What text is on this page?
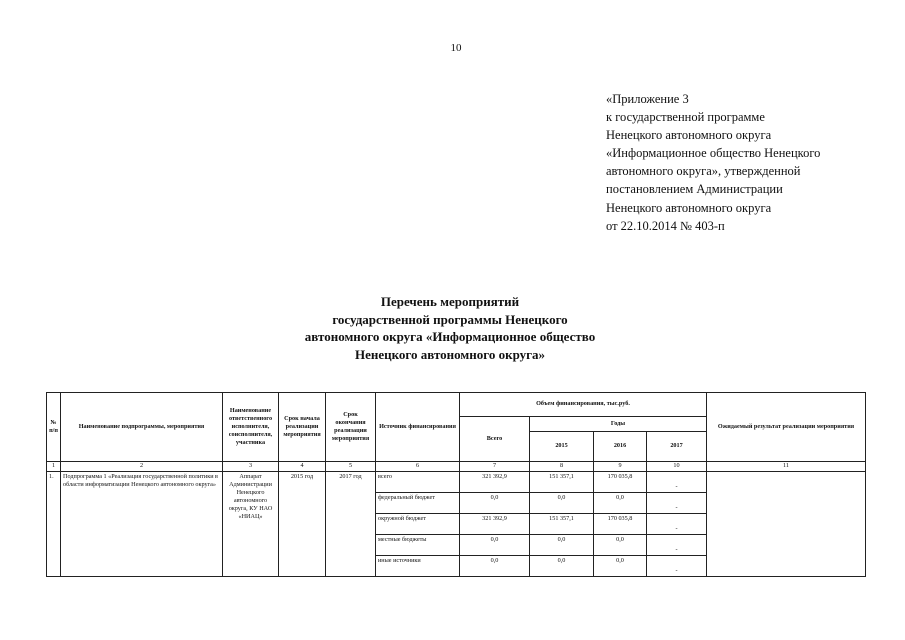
10
«Приложение 3
к государственной программе
Ненецкого автономного округа
«Информационное общество Ненецкого
автономного округа», утвержденной
постановлением Администрации
Ненецкого автономного округа
от 22.10.2014 № 403-п
Перечень мероприятий
государственной программы Ненецкого
автономного округа «Информационное общество
Ненецкого автономного округа»
№ п/п	Наименование подпрограммы, мероприятия	Наименование ответственного исполнителя, соисполнителя, участника	Срок начала реализации мероприятия	Срок окончания реализации мероприятия	Источник финансирования	Объем финансирования, тыс.руб.				Ожидаемый результат реализации мероприятия
						Всего	Годы			
							2015	2016	2017	
1	2	3	4	5	6	7	8	9	10	11
1.	Подпрограмма 1 «Реализация государственной политики в области информатизации Ненецкого автономного округа»	Аппарат Администрации Ненецкого автономного округа, КУ НАО «НИАЦ»	2015 год	2017 год	всего	321 392,9	151 357,1	170 035,8	-	
					федеральный бюджет	0,0	0,0	0,0	-	
					окружной бюджет	321 392,9	151 357,1	170 035,8	-	
					местные бюджеты	0,0	0,0	0,0	-	
					иные источники	0,0	0,0	0,0	-	
